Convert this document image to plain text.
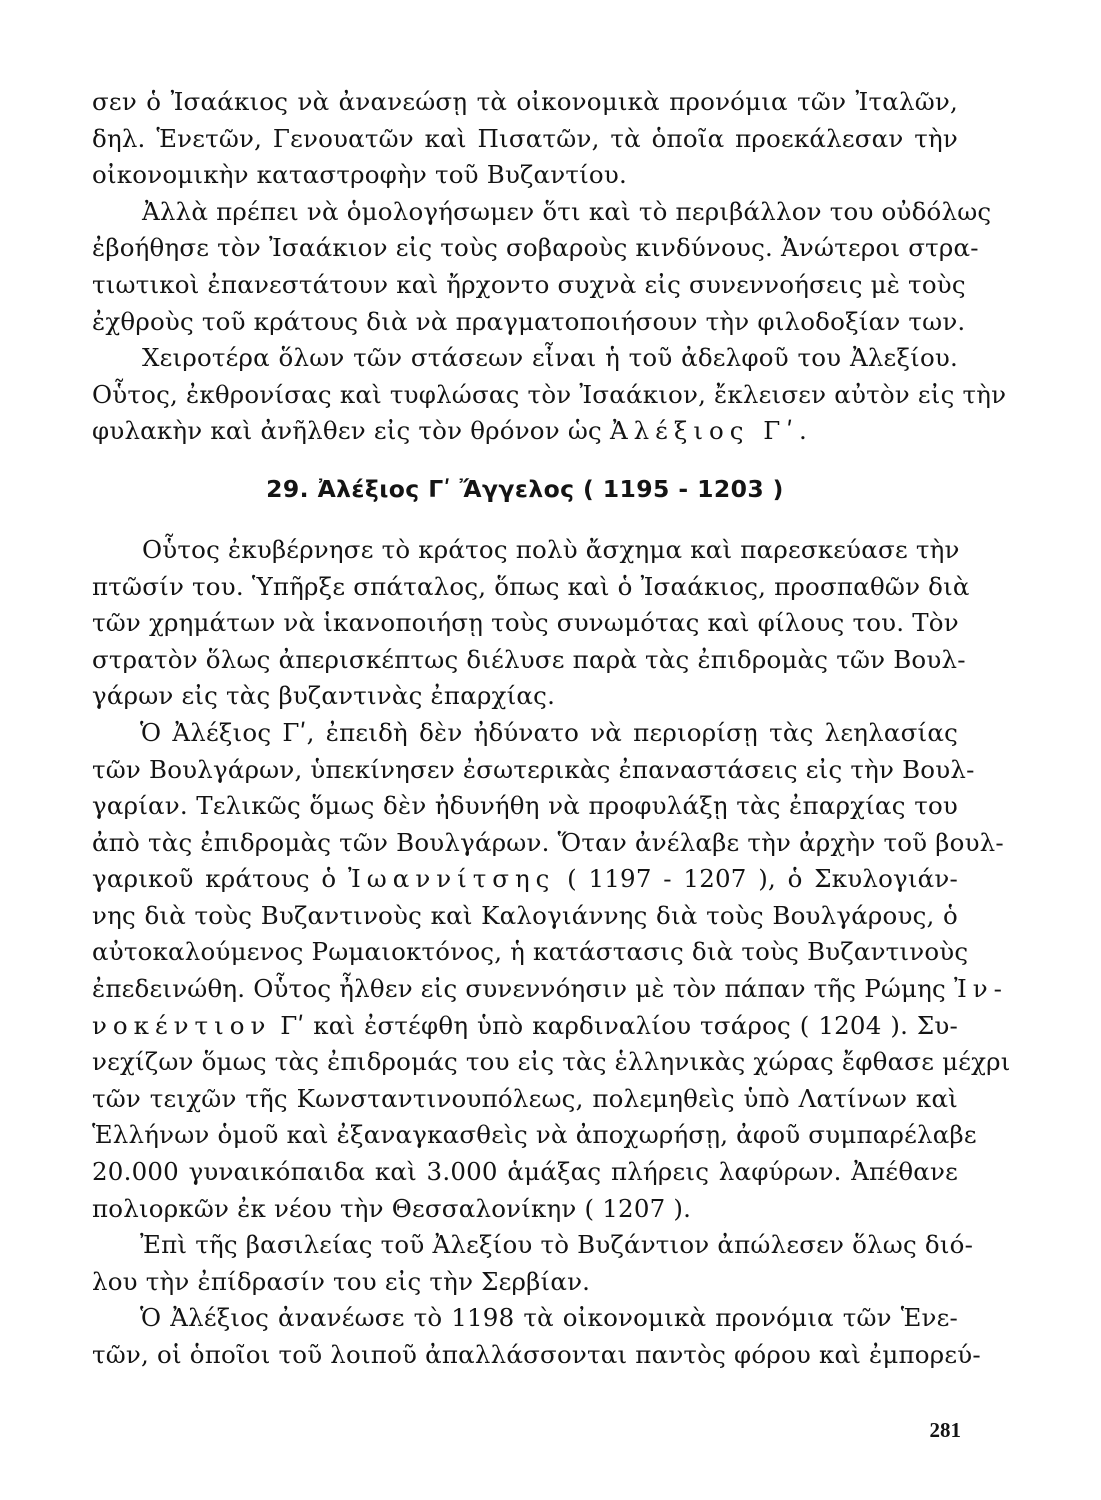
σεν ὁ Ἰσαάκιος νὰ ἀνανεώσῃ τὰ οἰκονομικὰ προνόμια τῶν Ἰταλῶν,
δηλ. Ἑνετῶν, Γενουατῶν καὶ Πισατῶν, τὰ ὁποῖα προεκάλεσαν τὴν
οἰκονομικὴν καταστροφὴν τοῦ Βυζαντίου.
Ἀλλὰ πρέπει νὰ ὁμολογήσωμεν ὅτι καὶ τὸ περιβάλλον του οὐδόλως
ἐβοήθησε τὸν Ἰσαάκιον εἰς τοὺς σοβαροὺς κινδύνους. Ἀνώτεροι στρα-
τιωτικοὶ ἐπανεστάτουν καὶ ἤρχοντο συχνὰ εἰς συνεννοήσεις μὲ τοὺς
ἐχθροὺς τοῦ κράτους διὰ νὰ πραγματοποιήσουν τὴν φιλοδοξίαν των.
Χειροτέρα ὅλων τῶν στάσεων εἶναι ἡ τοῦ ἀδελφοῦ του Ἀλεξίου.
Οὗτος, ἐκθρονίσας καὶ τυφλώσας τὸν Ἰσαάκιον, ἔκλεισεν αὐτὸν εἰς τὴν
φυλακὴν καὶ ἀνῆλθεν εἰς τὸν θρόνον ὡς Ἀλέξιος Γʹ.
29. Ἀλέξιος Γʹ Ἄγγελος ( 1195 - 1203 )
Οὗτος ἐκυβέρνησε τὸ κράτος πολὺ ἄσχημα καὶ παρεσκεύασε τὴν
πτῶσίν του. Ὑπῆρξε σπάταλος, ὅπως καὶ ὁ Ἰσαάκιος, προσπαθῶν διὰ
τῶν χρημάτων νὰ ἱκανοποιήσῃ τοὺς συνωμότας καὶ φίλους του. Τὸν
στρατὸν ὅλως ἀπερισκέπτως διέλυσε παρὰ τὰς ἐπιδρομὰς τῶν Βουλ-
γάρων εἰς τὰς βυζαντινὰς ἐπαρχίας.
Ὁ Ἀλέξιος Γʹ, ἐπειδὴ δὲν ἠδύνατο νὰ περιορίσῃ τὰς λεηλασίας
τῶν Βουλγάρων, ὑπεκίνησεν ἐσωτερικὰς ἐπαναστάσεις εἰς τὴν Βουλ-
γαρίαν. Τελικῶς ὅμως δὲν ἠδυνήθη νὰ προφυλάξῃ τὰς ἐπαρχίας του
ἀπὸ τὰς ἐπιδρομὰς τῶν Βουλγάρων. Ὅταν ἀνέλαβε τὴν ἀρχὴν τοῦ βουλ-
γαρικοῦ κράτους ὁ Ἰωαννίτσης ( 1197 - 1207 ), ὁ Σκυλογιάν-
νης διὰ τοὺς Βυζαντινοὺς καὶ Καλογιάννης διὰ τοὺς Βουλγάρους, ὁ
αὐτοκαλούμενος Ρωμαιοκτόνος, ἡ κατάστασις διὰ τοὺς Βυζαντινοὺς
ἐπεδεινώθη. Οὗτος ἦλθεν εἰς συνεννόησιν μὲ τὸν πάπαν τῆς Ρώμης Ἰν-
νοκέντιον Γʹ καὶ ἐστέφθη ὑπὸ καρδιναλίου τσάρος ( 1204 ). Συ-
νεχίζων ὅμως τὰς ἐπιδρομάς του εἰς τὰς ἑλληνικὰς χώρας ἔφθασε μέχρι
τῶν τειχῶν τῆς Κωνσταντινουπόλεως, πολεμηθεὶς ὑπὸ Λατίνων καὶ
Ἑλλήνων ὁμοῦ καὶ ἐξαναγκασθεὶς νὰ ἀποχωρήσῃ, ἀφοῦ συμπαρέλαβε
20.000 γυναικόπαιδα καὶ 3.000 ἁμάξας πλήρεις λαφύρων. Ἀπέθανε
πολιορκῶν ἐκ νέου τὴν Θεσσαλονίκην ( 1207 ).
Ἐπὶ τῆς βασιλείας τοῦ Ἀλεξίου τὸ Βυζάντιον ἀπώλεσεν ὅλως διό-
λου τὴν ἐπίδρασίν του εἰς τὴν Σερβίαν.
Ὁ Ἀλέξιος ἀνανέωσε τὸ 1198 τὰ οἰκονομικὰ προνόμια τῶν Ἑνε-
τῶν, οἱ ὁποῖοι τοῦ λοιποῦ ἀπαλλάσσονται παντὸς φόρου καὶ ἐμπορεύ-
281
